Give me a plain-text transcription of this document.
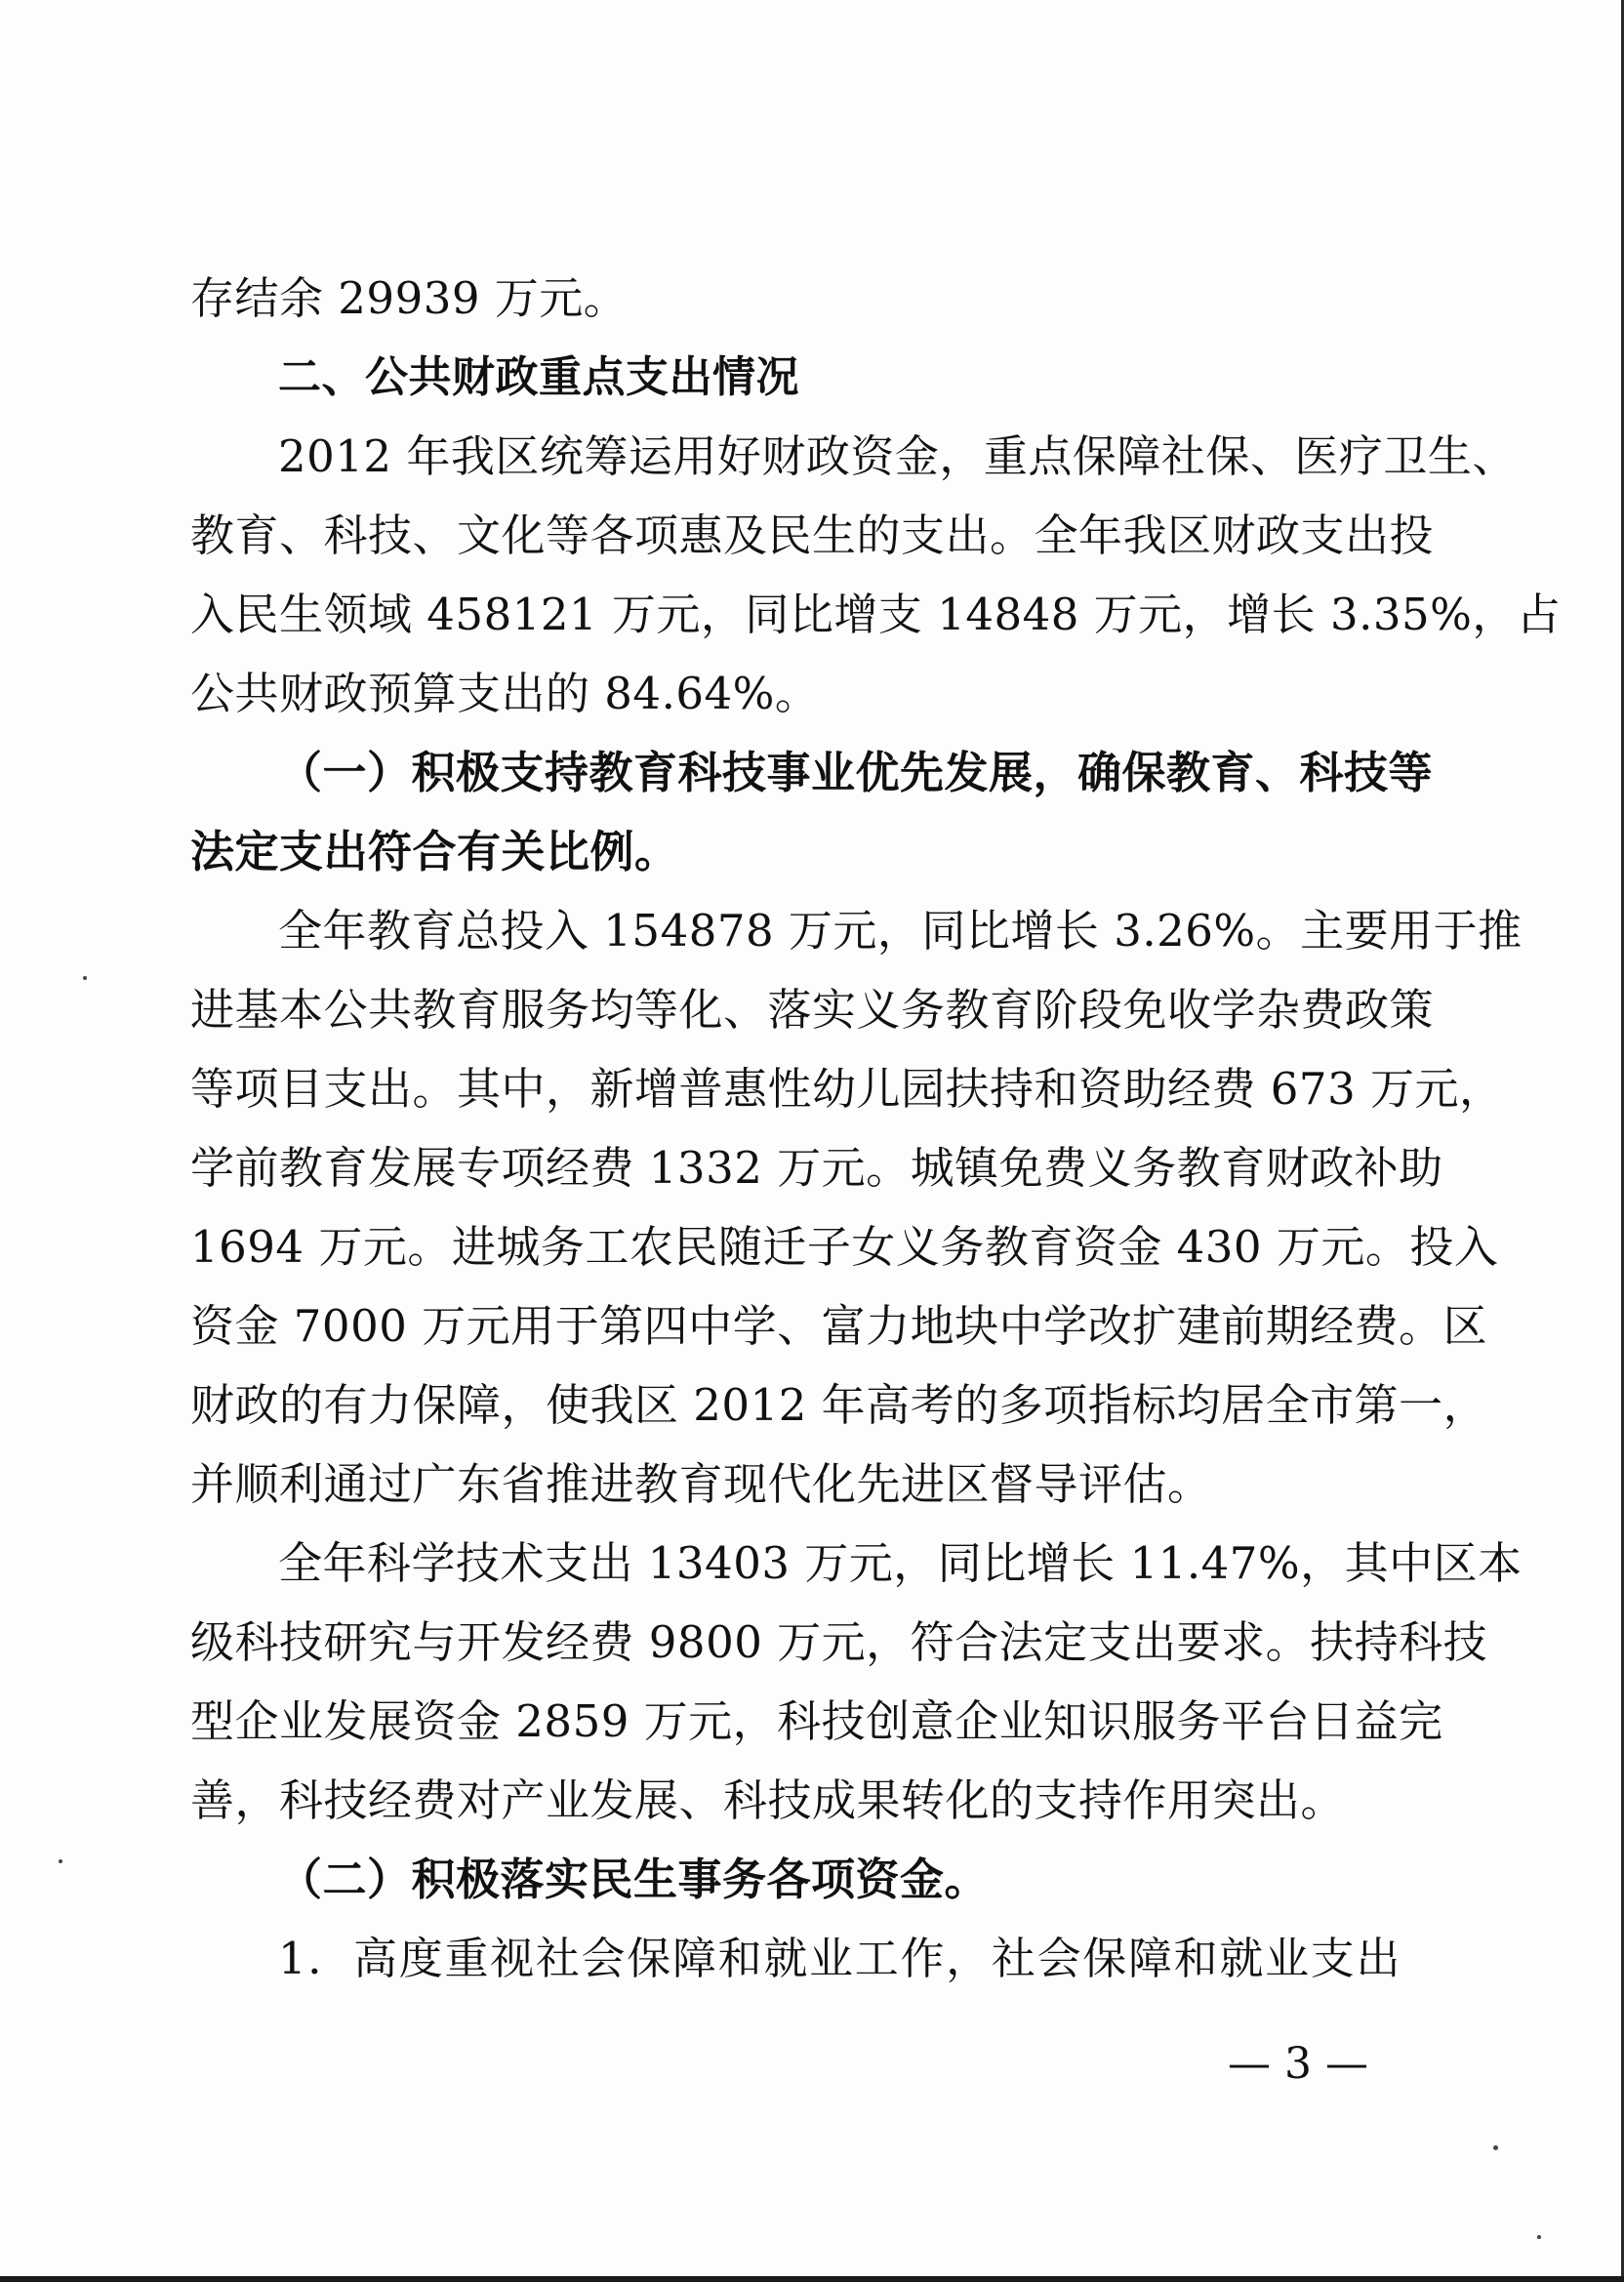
存结余 29939 万元。
二、公共财政重点支出情况
2012 年我区统筹运用好财政资金，重点保障社保、医疗卫生、
教育、科技、文化等各项惠及民生的支出。全年我区财政支出投
入民生领域 458121 万元，同比增支 14848 万元，增长 3.35%，占
公共财政预算支出的 84.64%。
（一）积极支持教育科技事业优先发展，确保教育、科技等
法定支出符合有关比例。
全年教育总投入 154878 万元，同比增长 3.26%。主要用于推
进基本公共教育服务均等化、落实义务教育阶段免收学杂费政策
等项目支出。其中，新增普惠性幼儿园扶持和资助经费 673 万元，
学前教育发展专项经费 1332 万元。城镇免费义务教育财政补助
1694 万元。进城务工农民随迁子女义务教育资金 430 万元。投入
资金 7000 万元用于第四中学、富力地块中学改扩建前期经费。区
财政的有力保障，使我区 2012 年高考的多项指标均居全市第一，
并顺利通过广东省推进教育现代化先进区督导评估。
全年科学技术支出 13403 万元，同比增长 11.47%，其中区本
级科技研究与开发经费 9800 万元，符合法定支出要求。扶持科技
型企业发展资金 2859 万元，科技创意企业知识服务平台日益完
善，科技经费对产业发展、科技成果转化的支持作用突出。
（二）积极落实民生事务各项资金。
1．高度重视社会保障和就业工作，社会保障和就业支出
— 3 —
